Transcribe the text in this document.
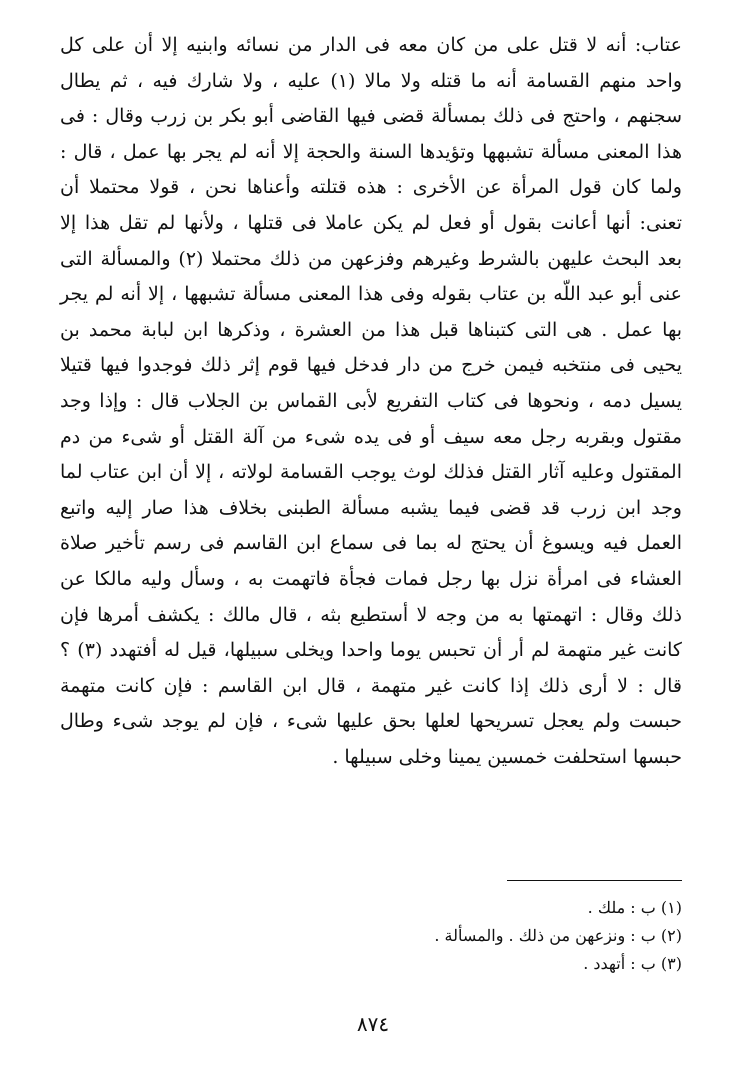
عتاب: أنه لا قتل على من كان معه فى الدار من نسائه وابنيه إلا أن على كل
واحد منهم القسامة أنه ما قتله ولا مالا (١) عليه ، ولا شارك فيه ، ثم يطال
سجنهم ، واحتج فى ذلك بمسألة قضى فيها القاضى أبو بكر بن زرب وقال : فى
هذا المعنى مسألة تشبهها وتؤيدها السنة والحجة إلا أنه لم يجر بها عمل ، قال :
ولما كان قول المرأة عن الأخرى : هذه قتلته وأعناها نحن ، قولا محتملا أن
تعنى: أنها أعانت بقول أو فعل لم يكن عاملا فى قتلها ، ولأنها لم تقل هذا إلا
بعد البحث عليهن بالشرط وغيرهم وفزعهن من ذلك محتملا (٢) والمسألة التى
عنى أبو عبد اللّه بن عتاب بقوله وفى هذا المعنى مسألة تشبهها ، إلا أنه لم يجر
بها عمل . هى التى كتبناها قبل هذا من العشرة ، وذكرها ابن لبابة محمد بن
يحيى فى منتخبه فيمن خرج من دار فدخل فيها قوم إثر ذلك فوجدوا فيها قتيلا
يسيل دمه ، ونحوها فى كتاب التفريع لأبى القماس بن الجلاب قال : وإذا وجد
مقتول وبقربه رجل معه سيف أو فى يده شىء من آلة القتل أو شىء من دم
المقتول وعليه آثار القتل فذلك لوث يوجب القسامة لولاته ، إلا أن ابن عتاب لما
وجد ابن زرب قد قضى فيما يشبه مسألة الطبنى بخلاف هذا صار إليه واتبع
العمل فيه ويسوغ أن يحتج له بما فى سماع ابن القاسم فى رسم تأخير صلاة
العشاء فى امرأة نزل بها رجل فمات فجأة فاتهمت به ، وسأل وليه مالكا عن
ذلك وقال : اتهمتها به من وجه لا أستطيع بثه ، قال مالك : يكشف أمرها فإن
كانت غير متهمة لم أر أن تحبس يوما واحدا ويخلى سبيلها، قيل له أفتهدد (٣) ؟
قال : لا أرى ذلك إذا كانت غير متهمة ، قال ابن القاسم : فإن كانت متهمة
حبست ولم يعجل تسريحها لعلها بحق عليها شىء ، فإن لم يوجد شىء وطال
حبسها استحلفت خمسين يمينا وخلى سبيلها .
(١) ب : ملك .
(٢) ب : ونزعهن من ذلك . والمسألة .
(٣) ب : أتهدد .
٨٧٤
